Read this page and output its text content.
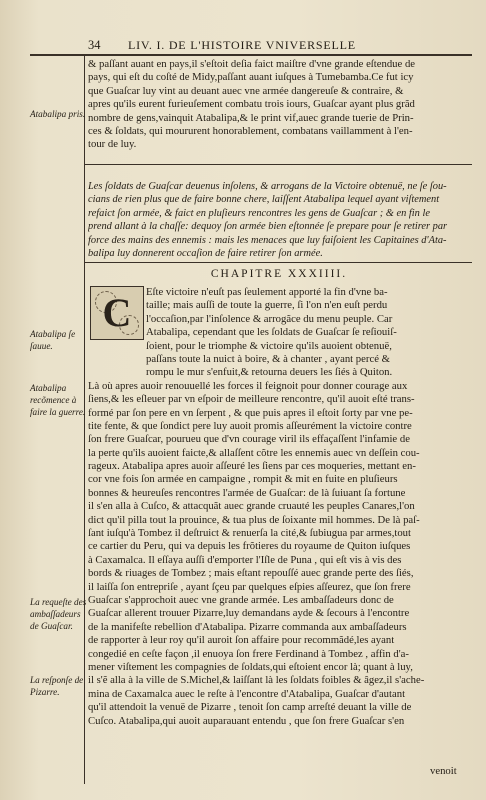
34 LIV. I. DE L'HISTOIRE VNIVERSELLE
& paſſant auant en pays,il s'eſtoit deſia faict maiſtre d'vne grande eſtendue de
pays, qui eſt du coſté de Midy,paſſant auant iuſques à Tumebamba.Ce fut icy
que Guaſcar luy vint au deuant auec vne armée dangereuſe & contraire, &
apres qu'ils eurent furieuſement combatu trois iours, Guaſcar ayant plus grãd
nombre de gens,vainquit Atabalipa,& le print vif,auec grande tuerie de Prin-
ces & ſoldats, qui moururent honorablement, combatans vaillamment à l'en-
tour de luy.
Les ſoldats de Guaſcar deuenus inſolens, & arrogans de la Victoire obtenuë, ne ſe ſou-
cians de rien plus que de faire bonne chere, laiſſent Atabalipa lequel ayant viſtement
refaict ſon armée, & faict en pluſieurs rencontres les gens de Guaſcar ; & en fin le
prend allant à la chaſſe: dequoy ſon armée bien eſtonnée ſe prepare pour ſe retirer par
force des mains des ennemis : mais les menaces que luy faiſoient les Capitaines d'Ata-
balipa luy donnerent occaſion de faire retirer ſon armée.
CHAPITRE XXXIIII.
C	Eſte victoire n'euſt pas ſeulement apporté la fin d'vne ba-
taille; mais auſſi de toute la guerre, ſi l'on n'en euſt perdu
l'occaſion,par l'inſolence & arrogãce du menu peuple. Car
Atabalipa, cependant que les ſoldats de Guaſcar ſe reſiouiſ-
ſoient, pour le triomphe & victoire qu'ils auoient obtenuë,
paſſans toute la nuict à boire, & à chanter , ayant percé &
rompu le mur s'enfuit,& retourna deuers les ſiés à Quiton.
Là où apres auoir renouuellé les forces il feignoit pour donner courage aux
ſiens,& les eſleuer par vn eſpoir de meilleure rencontre, qu'il auoit eſté trans-
formé par ſon pere en vn ſerpent , & que puis apres il eſtoit ſorty par vne pe-
tite fente, & que ſondict pere luy auoit promis aſſeurément la victoire contre
ſon frere Guaſcar, pourueu que d'vn courage viril ils effaçaſſent l'infamie de
la perte qu'ils auoient faicte,& allaſſent cõtre les ennemis auec vn deſſein cou-
rageux. Atabalipa apres auoir aſſeuré les ſiens par ces moqueries, mettant en-
cor vne fois ſon armée en campaigne , rompit & mit en fuite en pluſieurs
bonnes & heureuſes rencontres l'armée de Guaſcar: de là ſuiuant ſa fortune
il s'en alla à Cuſco, & attacquãt auec grande cruauté les peuples Canares,l'on
dict qu'il pilla tout la prouince, & tua plus de ſoixante mil hommes. De là paſ-
ſant iuſqu'à Tombez il deſtruict & renuerſa la cité,& ſubiugua par armes,tout
ce cartier du Peru, qui va depuis les frõtieres du royaume de Quiton iuſques
à Caxamalca. Il eſſaya auſſi d'emporter l'Iſle de Puna , qui eſt vis à vis des
bords & riuages de Tombez ; mais eſtant repouſſé auec grande perte des ſiés,
il laiſſa ſon entrepriſe , ayant ſçeu par quelques eſpies aſſeurez, que ſon frere
Guaſcar s'approchoit auec vne grande armée. Les ambaſſadeurs donc de
Guaſcar allerent trouuer Pizarre,luy demandans ayde & ſecours à l'encontre
de la manifeſte rebellion d'Atabalipa. Pizarre commanda aux ambaſſadeurs
de rapporter à leur roy qu'il auroit ſon affaire pour recommãdé,les ayant
congedié en ceſte façon ,il enuoya ſon frere Ferdinand à Tombez , affin d'a-
mener viſtement les compagnies de ſoldats,qui eſtoient encor là; quant à luy,
il s'ẽ alla à la ville de S.Michel,& laiſſant là les ſoldats foibles & âgez,il s'ache-
mina de Caxamalca auec le reſte à l'encontre d'Atabalipa, Guaſcar d'autant
qu'il attendoit la venuë de Pizarre , tenoit ſon camp arreſté deuant la ville de
Cuſco. Atabalipa,qui auoit auparauant entendu , que ſon frere Guaſcar s'en
venoit
Atabalipa pris.
Atabalipa ſe ſauue.
Atabalipa recõmence à faire la guerre.
La requeſte des ambaſſadeurs de Guaſcar.
La reſponſe de Pizarre.
